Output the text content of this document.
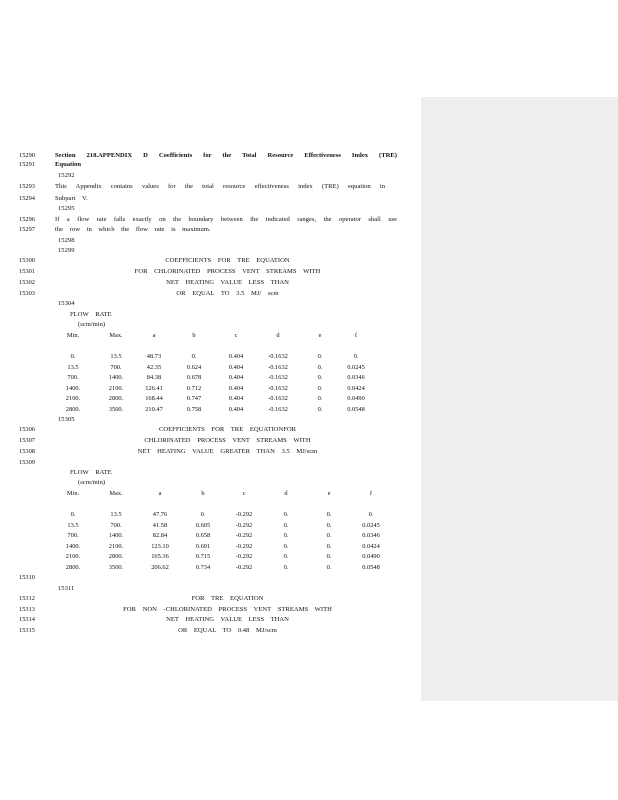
15290
15291
15293
15294
15296
15297
15300
15301
15302
15303
15306
15307
15308
15309
15310
15312
15313
15314
15315
Section 218.APPENDIX D Coefficients for the Total Resource Effectiveness Index (TRE)
Equation
15292
This Appendix contains values for the total resource effectiveness index (TRE) equation in
Subpart V.
15295
If a flow rate falls exactly on the boundary between the indicated ranges, the operator shall use
the row in which the flow rate is maximum.
15298
15299
COEFFICIENTS FOR TRE EQUATION
FOR CHLORINATED PROCESS VENT STREAMS WITH
NET HEATING VALUE LESS THAN
OR EQUAL TO 3.5 MJ/ scm
15304
FLOW RATE
(scm/min)
Min.	Max.	a	b	c	d	e	f
0.	13.5	48.73	0.	0.404	-0.1632	0.	0.
13.5	700.	42.35	0.624	0.404	-0.1632	0.	0.0245
700.	1400.	84.38	0.678	0.404	-0.1632	0.	0.0346
1400.	2100.	126.41	0.712	0.404	-0.1632	0.	0.0424
2100.	2800.	168.44	0.747	0.404	-0.1632	0.	0.0490
2800.	3500.	210.47	0.758	0.404	-0.1632	0.	0.0548
15305
COEFFICIENTS FOR TRE EQUATIONFOR
CHLORINATED PROCESS VENT STREAMS WITH
NET HEATING VALUE GREATER THAN 3.5 MJ/scm
FLOW RATE
(scm/min)
Min.	Max.	a	b	c	d	e	f
0.	13.5	47.76	0.	-0.292	0.	0.	0.
13.5	700.	41.58	0.605	-0.292	0.	0.	0.0245
700.	1400.	82.84	0.658	-0.292	0.	0.	0.0346
1400.	2100.	123.10	0.691	-0.292	0.	0.	0.0424
2100.	2800.	165.36	0.715	-0.292	0.	0.	0.0490
2800.	3500.	206.62	0.734	-0.292	0.	0.	0.0548
15311
FOR TRE EQUATION
FOR NON -CHLORINATED PROCESS VENT STREAMS WITH
NET HEATING VALUE LESS THAN
OR EQUAL TO 0.48 MJ/scm
